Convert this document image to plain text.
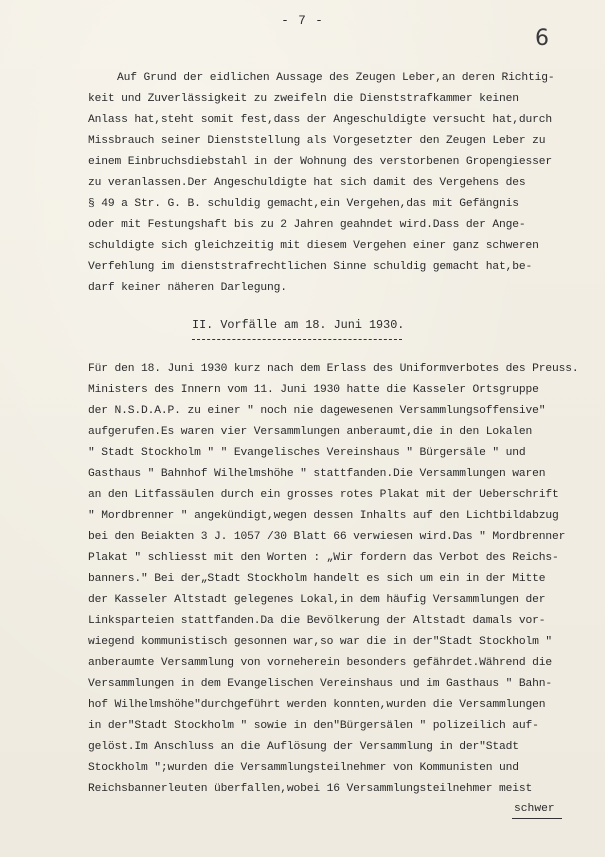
- 7 -
6
Auf Grund der eidlichen Aussage des Zeugen Leber,an deren Richtig-
keit und Zuverlässigkeit zu zweifeln die Dienststrafkammer keinen
Anlass hat,steht somit fest,dass der Angeschuldigte versucht hat,durch
Missbrauch seiner Dienststellung als Vorgesetzter den Zeugen Leber zu
einem Einbruchsdiebstahl in der Wohnung des verstorbenen Gropengiesser
zu veranlassen.Der Angeschuldigte hat sich damit des Vergehens des
§ 49 a Str. G. B. schuldig gemacht,ein Vergehen,das mit Gefängnis
oder mit Festungshaft bis zu 2 Jahren geahndet wird.Dass der Ange-
schuldigte sich gleichzeitig mit diesem Vergehen einer ganz schweren
Verfehlung im dienststrafrechtlichen Sinne schuldig gemacht hat,be-
darf keiner näheren Darlegung.
II. Vorfälle am 18. Juni 1930.
Für den 18. Juni 1930 kurz nach dem Erlass des Uniformverbotes des Preuss.
Ministers des Innern vom 11. Juni 1930 hatte die Kasseler Ortsgruppe
der N.S.D.A.P. zu einer " noch nie dagewesenen Versammlungsoffensive"
aufgerufen.Es waren vier Versammlungen anberaumt,die in den Lokalen
" Stadt Stockholm " " Evangelisches Vereinshaus " Bürgersäle " und
Gasthaus " Bahnhof Wilhelmshöhe " stattfanden.Die Versammlungen waren
an den Litfassäulen durch ein grosses rotes Plakat mit der Ueberschrift
" Mordbrenner " angekündigt,wegen dessen Inhalts auf den Lichtbildabzug
bei den Beiakten 3 J. 1057 /30 Blatt 66 verwiesen wird.Das " Mordbrenner
Plakat " schliesst mit den Worten : „Wir fordern das Verbot des Reichs-
banners." Bei der„Stadt Stockholm handelt es sich um ein in der Mitte
der Kasseler Altstadt gelegenes Lokal,in dem häufig Versammlungen der
Linksparteien stattfanden.Da die Bevölkerung der Altstadt damals vor-
wiegend kommunistisch gesonnen war,so war die in der"Stadt Stockholm "
anberaumte Versammlung von vorneherein besonders gefährdet.Während die
Versammlungen in dem Evangelischen Vereinshaus und im Gasthaus " Bahn-
hof Wilhelmshöhe"durchgeführt werden konnten,wurden die Versammlungen
in der"Stadt Stockholm " sowie in den"Bürgersälen " polizeilich auf-
gelöst.Im Anschluss an die Auflösung der Versammlung in der"Stadt
Stockholm ";wurden die Versammlungsteilnehmer von Kommunisten und
Reichsbannerleuten überfallen,wobei 16 Versammlungsteilnehmer meist
schwer
